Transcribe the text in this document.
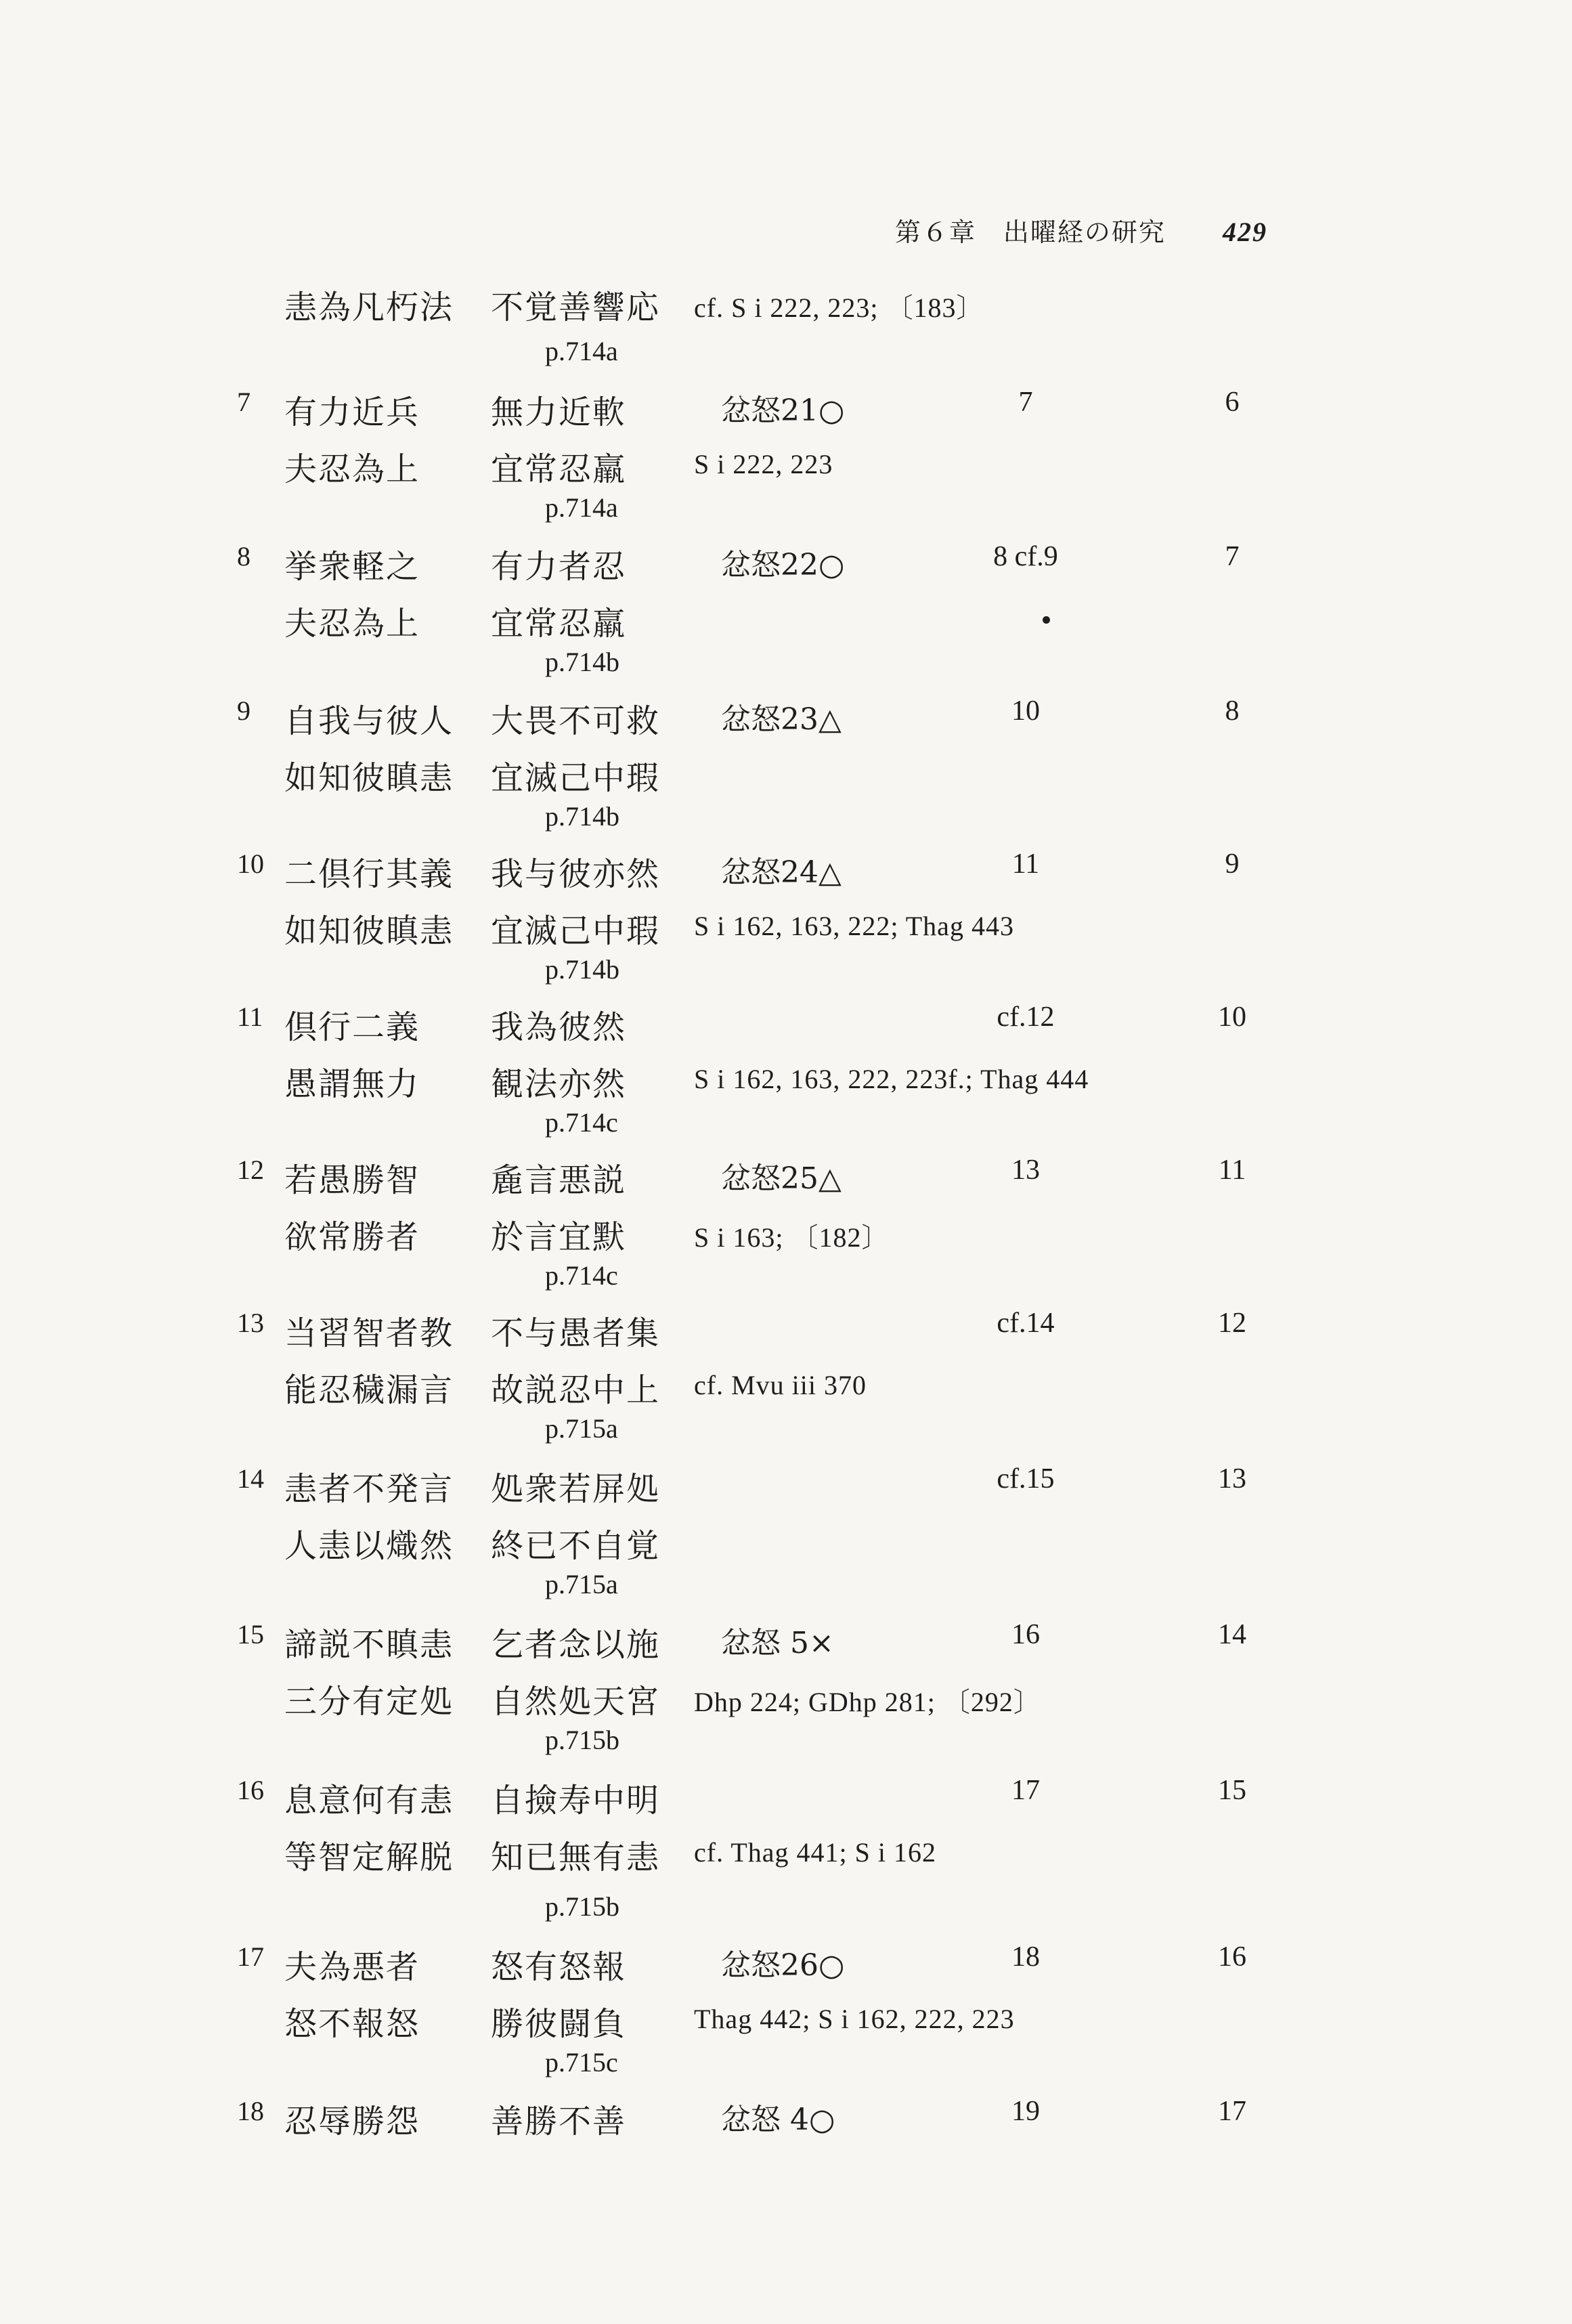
第６章　出曜経の研究 429
恚為凡朽法 不覚善響応 cf. S i 222, 223; 〔183〕
p.714a
7 有力近兵 無力近軟	忿怒21○	7	6
夫忍為上 宜常忍羸 S i 222, 223
p.714a
8 挙衆軽之 有力者忍	忿怒22○	8 cf.9	7
夫忍為上 宜常忍羸
p.714b
9 自我与彼人 大畏不可救 忿怒23△	10	8
如知彼瞋恚 宜滅己中瑕
p.714b
10 二倶行其義 我与彼亦然 忿怒24△	11	9
如知彼瞋恚 宜滅己中瑕 S i 162, 163, 222; Thag 443
p.714b
11 倶行二義 我為彼然	cf.12	10
愚謂無力 観法亦然 S i 162, 163, 222, 223f.; Thag 444
p.714c
12 若愚勝智 麁言悪説	忿怒25△	13	11
欲常勝者 於言宜默 S i 163; 〔182〕
p.714c
13 当習智者教 不与愚者集	cf.14	12
能忍穢漏言 故説忍中上 cf. Mvu iii 370
p.715a
14 恚者不発言 処衆若屏処	cf.15	13
人恚以熾然 終已不自覚
p.715a
15 諦説不瞋恚 乞者念以施 忿怒 5×	16	14
三分有定処 自然処天宮 Dhp 224; GDhp 281; 〔292〕
p.715b
16 息意何有恚 自撿寿中明	17	15
等智定解脱 知已無有恚 cf. Thag 441; S i 162
p.715b
17 夫為悪者 怒有怒報	忿怒26○	18	16
怒不報怒 勝彼闘負 Thag 442; S i 162, 222, 223
p.715c
18 忍辱勝怨 善勝不善	忿怒 4○	19	17
